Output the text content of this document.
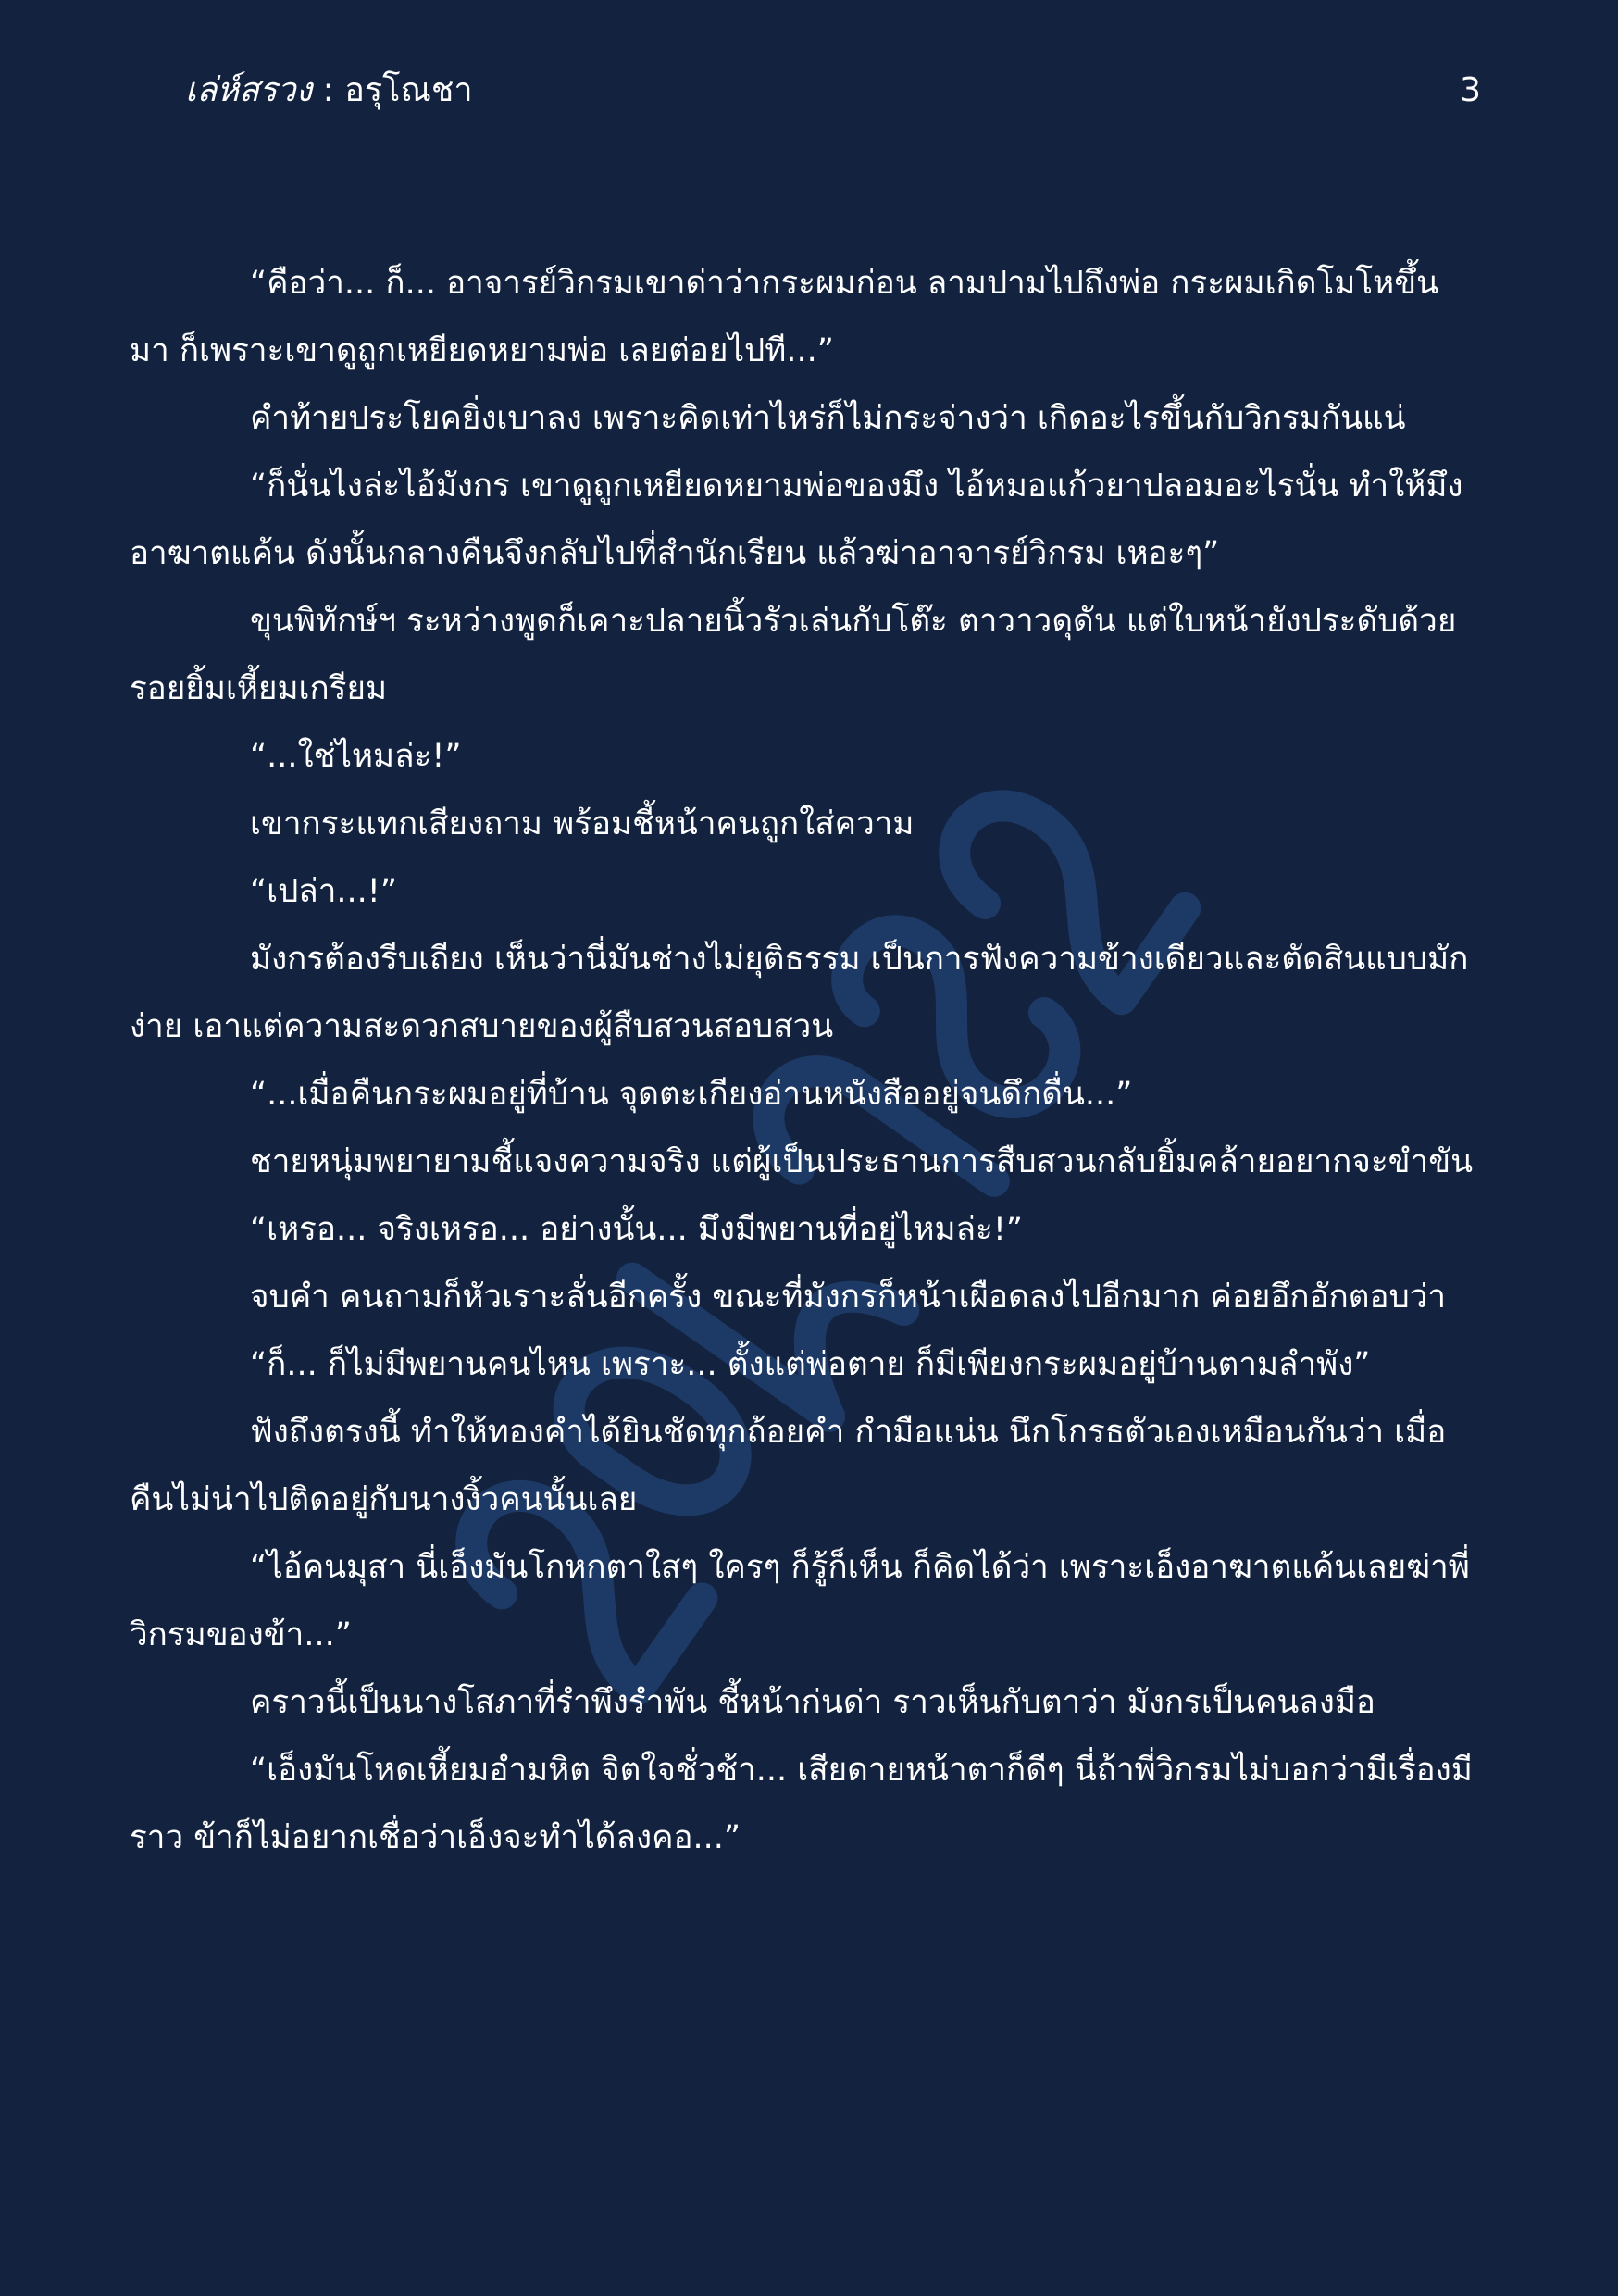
เล่ห์สรวง : อรุโณชา	3

“คือว่า... ก็... อาจารย์วิกรมเขาด่าว่ากระผมก่อน ลามปามไปถึงพ่อ กระผมเกิดโมโหขึ้นมา ก็เพราะเขาดูถูกเหยียดหยามพ่อ เลยต่อยไปที...”

คำท้ายประโยคยิ่งเบาลง เพราะคิดเท่าไหร่ก็ไม่กระจ่างว่า เกิดอะไรขึ้นกับวิกรมกันแน่

“ก็นั่นไงล่ะไอ้มังกร เขาดูถูกเหยียดหยามพ่อของมึง ไอ้หมอแก้วยาปลอมอะไรนั่น ทำให้มึงอาฆาตแค้น ดังนั้นกลางคืนจึงกลับไปที่สำนักเรียน แล้วฆ่าอาจารย์วิกรม เหอะๆ”

ขุนพิทักษ์ฯ ระหว่างพูดก็เคาะปลายนิ้วรัวเล่นกับโต๊ะ ตาวาวดุดัน แต่ใบหน้ายังประดับด้วยรอยยิ้มเหี้ยมเกรียม

“...ใช่ไหมล่ะ!”

เขากระแทกเสียงถาม พร้อมชี้หน้าคนถูกใส่ความ

“เปล่า...!”

มังกรต้องรีบเถียง เห็นว่านี่มันช่างไม่ยุติธรรม เป็นการฟังความข้างเดียวและตัดสินแบบมักง่าย เอาแต่ความสะดวกสบายของผู้สืบสวนสอบสวน

“...เมื่อคืนกระผมอยู่ที่บ้าน จุดตะเกียงอ่านหนังสืออยู่จนดึกดื่น...”

ชายหนุ่มพยายามชี้แจงความจริง แต่ผู้เป็นประธานการสืบสวนกลับยิ้มคล้ายอยากจะขำขัน

“เหรอ... จริงเหรอ... อย่างนั้น... มึงมีพยานที่อยู่ไหมล่ะ!”

จบคำ คนถามก็หัวเราะลั่นอีกครั้ง ขณะที่มังกรก็หน้าเผือดลงไปอีกมาก ค่อยอึกอักตอบว่า

“ก็... ก็ไม่มีพยานคนไหน เพราะ... ตั้งแต่พ่อตาย ก็มีเพียงกระผมอยู่บ้านตามลำพัง”

ฟังถึงตรงนี้ ทำให้ทองคำได้ยินชัดทุกถ้อยคำ กำมือแน่น นึกโกรธตัวเองเหมือนกันว่า เมื่อคืนไม่น่าไปติดอยู่กับนางงิ้วคนนั้นเลย

“ไอ้คนมุสา นี่เอ็งมันโกหกตาใสๆ ใครๆ ก็รู้ก็เห็น ก็คิดได้ว่า เพราะเอ็งอาฆาตแค้นเลยฆ่าพี่วิกรมของข้า...”

คราวนี้เป็นนางโสภาที่รำพึงรำพัน ชี้หน้าก่นด่า ราวเห็นกับตาว่า มังกรเป็นคนลงมือ

“เอ็งมันโหดเหี้ยมอำมหิต จิตใจชั่วช้า... เสียดายหน้าตาก็ดีๆ นี่ถ้าพี่วิกรมไม่บอกว่ามีเรื่องมีราว ข้าก็ไม่อยากเชื่อว่าเอ็งจะทำได้ลงคอ...”
